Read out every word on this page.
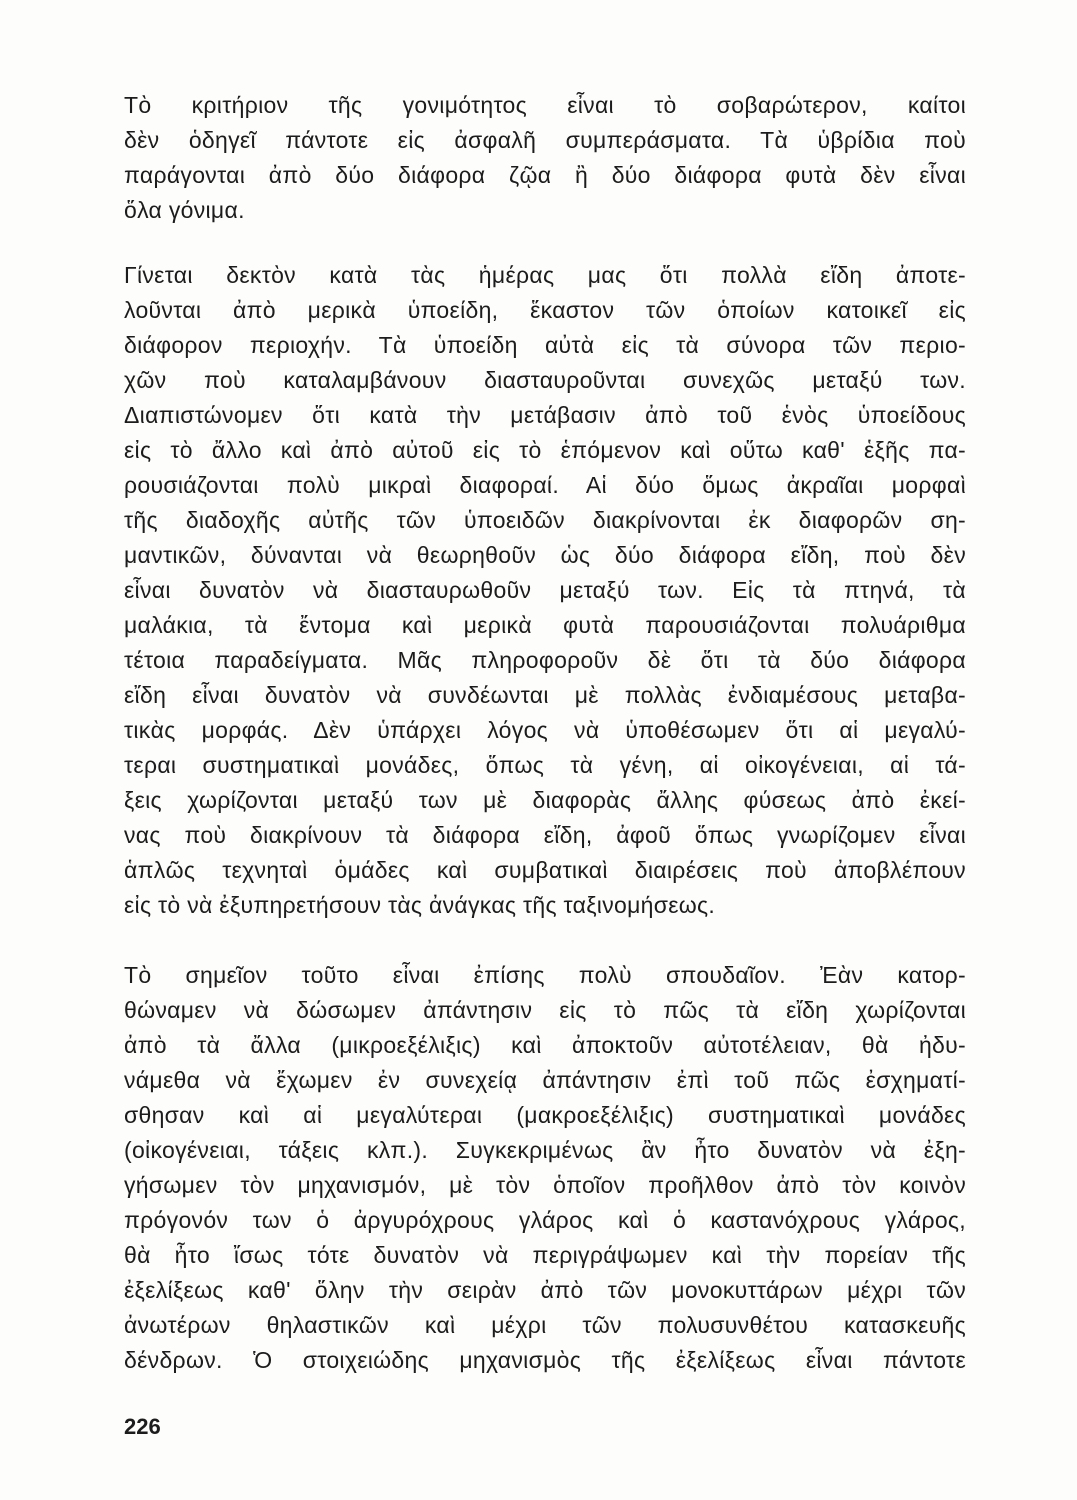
Τὸ κριτήριον τῆς γονιμότητος εἶναι τὸ σοβαρώτερον, καίτοι
δὲν ὁδηγεῖ πάντοτε εἰς ἀσφαλῆ συμπεράσματα. Τὰ ὑβρίδια ποὺ
παράγονται ἀπὸ δύο διάφορα ζῷα ἢ δύο διάφορα φυτὰ δὲν εἶναι
ὅλα γόνιμα.

Γίνεται δεκτὸν κατὰ τὰς ἡμέρας μας ὅτι πολλὰ εἴδη ἀποτε-
λοῦνται ἀπὸ μερικὰ ὑποείδη, ἕκαστον τῶν ὁποίων κατοικεῖ εἰς
διάφορον περιοχήν. Τὰ ὑποείδη αὐτὰ εἰς τὰ σύνορα τῶν περιο-
χῶν ποὺ καταλαμβάνουν διασταυροῦνται συνεχῶς μεταξύ των.
Διαπιστώνομεν ὅτι κατὰ τὴν μετάβασιν ἀπὸ τοῦ ἑνὸς ὑποείδους
εἰς τὸ ἄλλο καὶ ἀπὸ αὐτοῦ εἰς τὸ ἑπόμενον καὶ οὕτω καθ' ἑξῆς πα-
ρουσιάζονται πολὺ μικραὶ διαφοραί. Αἱ δύο ὅμως ἀκραῖαι μορφαὶ
τῆς διαδοχῆς αὐτῆς τῶν ὑποειδῶν διακρίνονται ἐκ διαφορῶν ση-
μαντικῶν, δύνανται νὰ θεωρηθοῦν ὡς δύο διάφορα εἴδη, ποὺ δὲν
εἶναι δυνατὸν νὰ διασταυρωθοῦν μεταξύ των. Εἰς τὰ πτηνά, τὰ
μαλάκια, τὰ ἔντομα καὶ μερικὰ φυτὰ παρουσιάζονται πολυάριθμα
τέτοια παραδείγματα. Μᾶς πληροφοροῦν δὲ ὅτι τὰ δύο διάφορα
εἴδη εἶναι δυνατὸν νὰ συνδέωνται μὲ πολλὰς ἐνδιαμέσους μεταβα-
τικὰς μορφάς. Δὲν ὑπάρχει λόγος νὰ ὑποθέσωμεν ὅτι αἱ μεγαλύ-
τεραι συστηματικαὶ μονάδες, ὅπως τὰ γένη, αἱ οἰκογένειαι, αἱ τά-
ξεις χωρίζονται μεταξύ των μὲ διαφορὰς ἄλλης φύσεως ἀπὸ ἐκεί-
νας ποὺ διακρίνουν τὰ διάφορα εἴδη, ἀφοῦ ὅπως γνωρίζομεν εἶναι
ἁπλῶς τεχνηταὶ ὁμάδες καὶ συμβατικαὶ διαιρέσεις ποὺ ἀποβλέπουν
εἰς τὸ νὰ ἐξυπηρετήσουν τὰς ἀνάγκας τῆς ταξινομήσεως.

Τὸ σημεῖον τοῦτο εἶναι ἐπίσης πολὺ σπουδαῖον. Ἐὰν κατορ-
θώναμεν νὰ δώσωμεν ἀπάντησιν εἰς τὸ πῶς τὰ εἴδη χωρίζονται
ἀπὸ τὰ ἄλλα (μικροεξέλιξις) καὶ ἀποκτοῦν αὐτοτέλειαν, θὰ ἠδυ-
νάμεθα νὰ ἔχωμεν ἐν συνεχείᾳ ἀπάντησιν ἐπὶ τοῦ πῶς ἐσχηματί-
σθησαν καὶ αἱ μεγαλύτεραι (μακροεξέλιξις) συστηματικαὶ μονάδες
(οἰκογένειαι, τάξεις κλπ.). Συγκεκριμένως ἂν ἦτο δυνατὸν νὰ ἐξη-
γήσωμεν τὸν μηχανισμόν, μὲ τὸν ὁποῖον προῆλθον ἀπὸ τὸν κοινὸν
πρόγονόν των ὁ ἀργυρόχρους γλάρος καὶ ὁ καστανόχρους γλάρος,
θὰ ἦτο ἴσως τότε δυνατὸν νὰ περιγράψωμεν καὶ τὴν πορείαν τῆς
ἐξελίξεως καθ' ὅλην τὴν σειρὰν ἀπὸ τῶν μονοκυττάρων μέχρι τῶν
ἀνωτέρων θηλαστικῶν καὶ μέχρι τῶν πολυσυνθέτου κατασκευῆς
δένδρων. Ὁ στοιχειώδης μηχανισμὸς τῆς ἐξελίξεως εἶναι πάντοτε

226
